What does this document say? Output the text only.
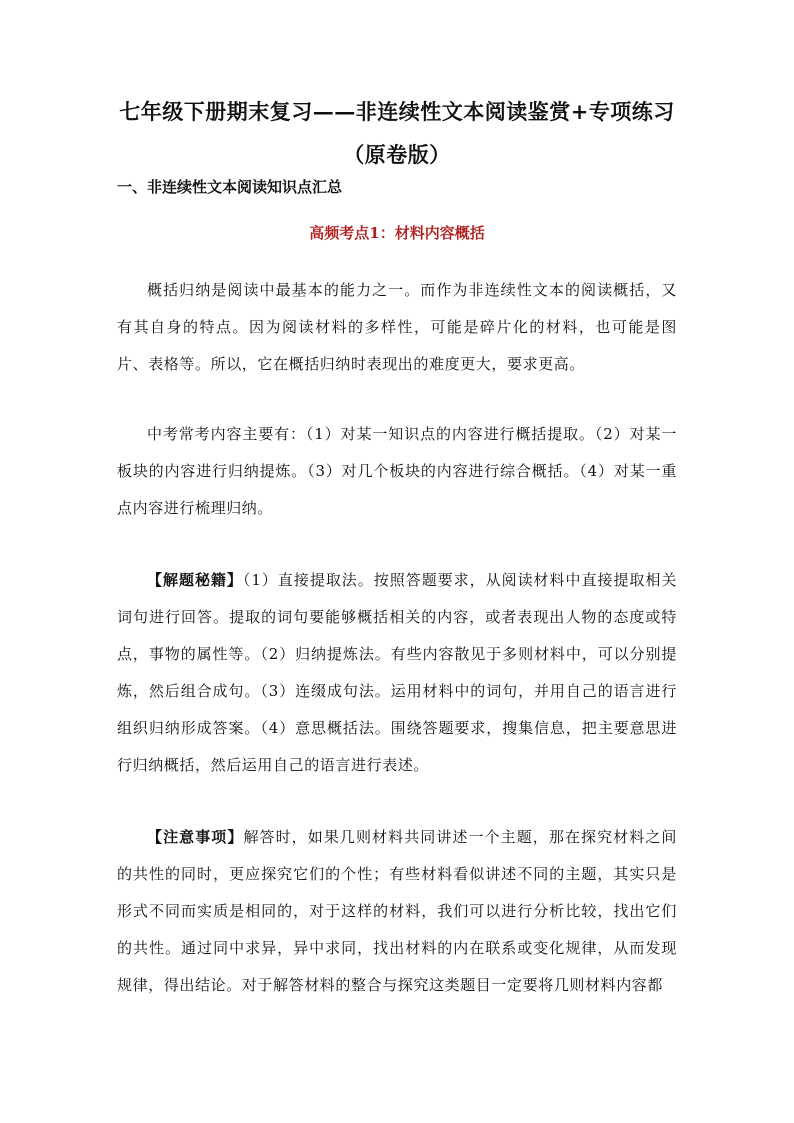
七年级下册期末复习——非连续性文本阅读鉴赏+专项练习
（原卷版）
一、非连续性文本阅读知识点汇总
高频考点1：材料内容概括

概括归纳是阅读中最基本的能力之一。而作为非连续性文本的阅读概括，又有其自身的特点。因为阅读材料的多样性，可能是碎片化的材料，也可能是图片、表格等。所以，它在概括归纳时表现出的难度更大，要求更高。

中考常考内容主要有：（1）对某一知识点的内容进行概括提取。（2）对某一板块的内容进行归纳提炼。（3）对几个板块的内容进行综合概括。（4）对某一重点内容进行梳理归纳。

【解题秘籍】（1）直接提取法。按照答题要求，从阅读材料中直接提取相关词句进行回答。提取的词句要能够概括相关的内容，或者表现出人物的态度或特点，事物的属性等。（2）归纳提炼法。有些内容散见于多则材料中，可以分别提炼，然后组合成句。（3）连缀成句法。运用材料中的词句，并用自己的语言进行组织归纳形成答案。（4）意思概括法。围绕答题要求，搜集信息，把主要意思进行归纳概括，然后运用自己的语言进行表述。

【注意事项】解答时，如果几则材料共同讲述一个主题，那在探究材料之间的共性的同时，更应探究它们的个性；有些材料看似讲述不同的主题，其实只是形式不同而实质是相同的，对于这样的材料，我们可以进行分析比较，找出它们的共性。通过同中求异，异中求同，找出材料的内在联系或变化规律，从而发现规律，得出结论。对于解答材料的整合与探究这类题目一定要将几则材料内容都
